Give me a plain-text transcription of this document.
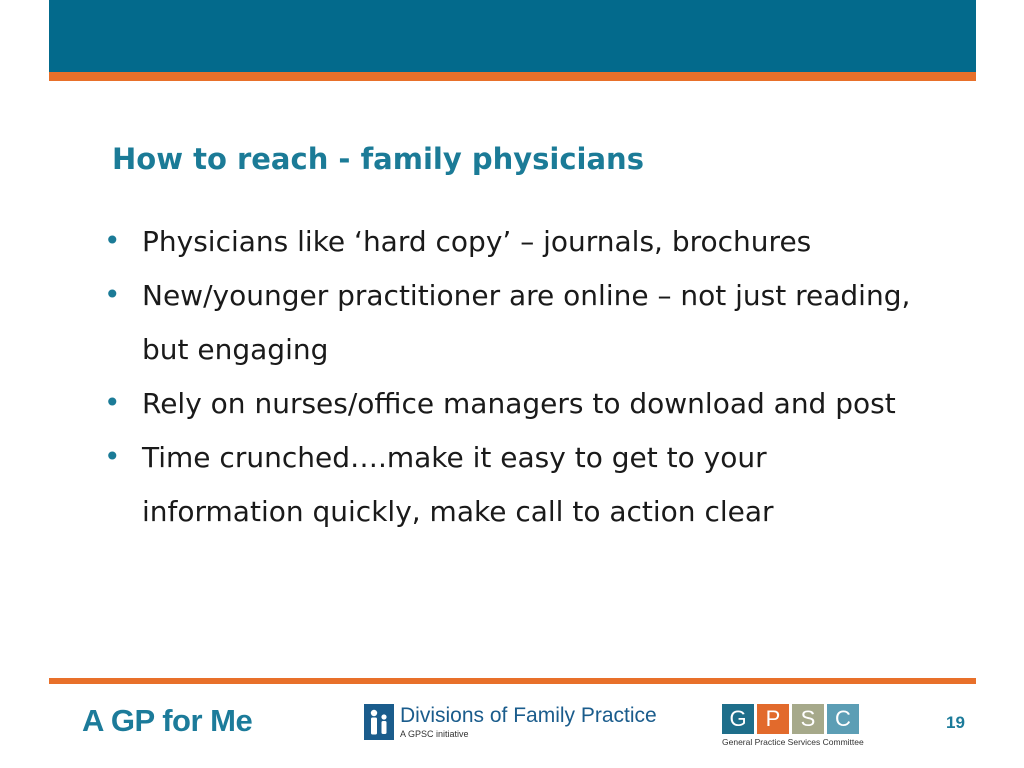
How to reach - family physicians
• Physicians like ‘hard copy’ – journals, brochures
• New/younger practitioner are online – not just reading, but engaging
• Rely on nurses/office managers to download and post
• Time crunched….make it easy to get to your information quickly, make call to action clear
A GP for Me	Divisions of Family Practice
A GPSC initiative
G P S C
General Practice Services Committee
19
